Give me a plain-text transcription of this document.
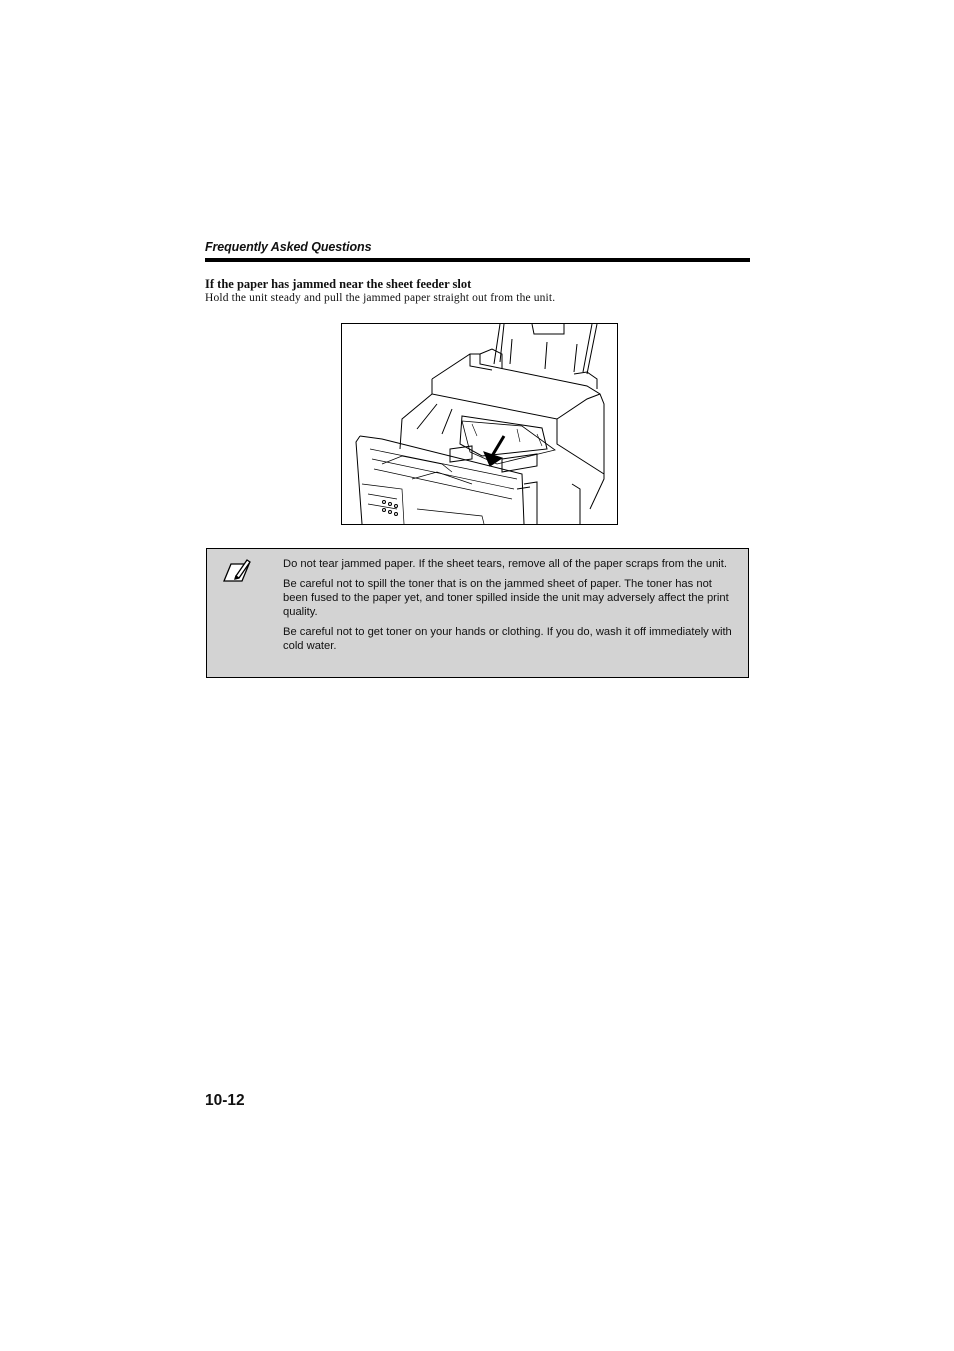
Frequently Asked Questions
If the paper has jammed near the sheet feeder slot
Hold the unit steady and pull the jammed paper straight out from the unit.
Do not tear jammed paper. If the sheet tears, remove all of the paper scraps from the unit.
Be careful not to spill the toner that is on the jammed sheet of paper. The toner has not been fused to the paper yet, and toner spilled inside the unit may adversely affect the print quality.
Be careful not to get toner on your hands or clothing. If you do, wash it off immediately with cold water.
10-12
